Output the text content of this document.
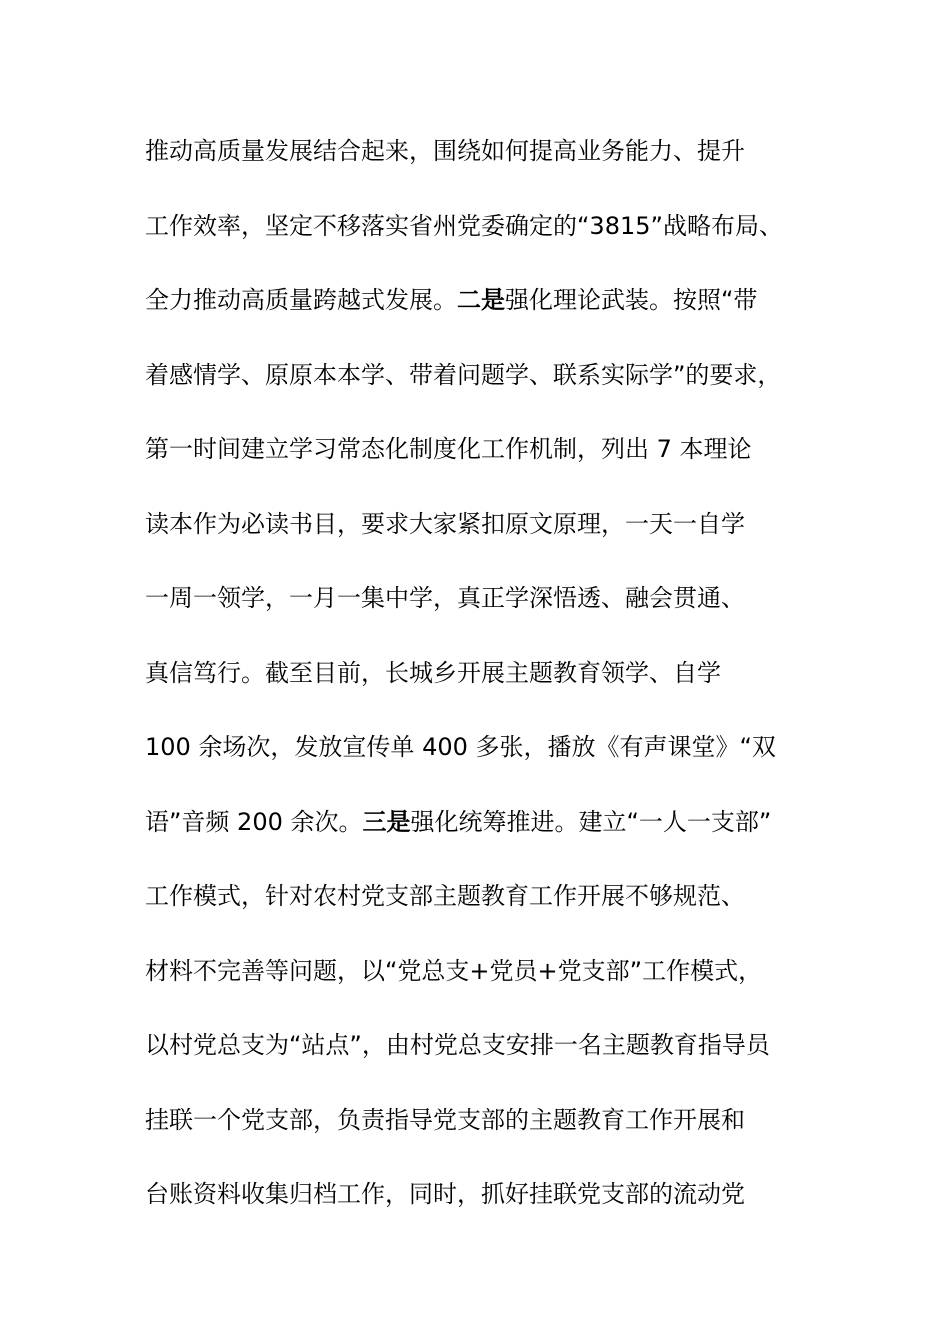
推动高质量发展结合起来，围绕如何提高业务能力、提升
工作效率，坚定不移落实省州党委确定的“3815”战略布局、
全力推动高质量跨越式发展。二是强化理论武装。按照“带
着感情学、原原本本学、带着问题学、联系实际学”的要求，
第一时间建立学习常态化制度化工作机制，列出 7 本理论
读本作为必读书目，要求大家紧扣原文原理，一天一自学
一周一领学，一月一集中学，真正学深悟透、融会贯通、
真信笃行。截至目前，长城乡开展主题教育领学、自学
100 余场次，发放宣传单 400 多张，播放《有声课堂》“双
语”音频 200 余次。三是强化统筹推进。建立“一人一支部”
工作模式，针对农村党支部主题教育工作开展不够规范、
材料不完善等问题，以“党总支+党员+党支部”工作模式，
以村党总支为“站点”，由村党总支安排一名主题教育指导员
挂联一个党支部，负责指导党支部的主题教育工作开展和
台账资料收集归档工作，同时，抓好挂联党支部的流动党
